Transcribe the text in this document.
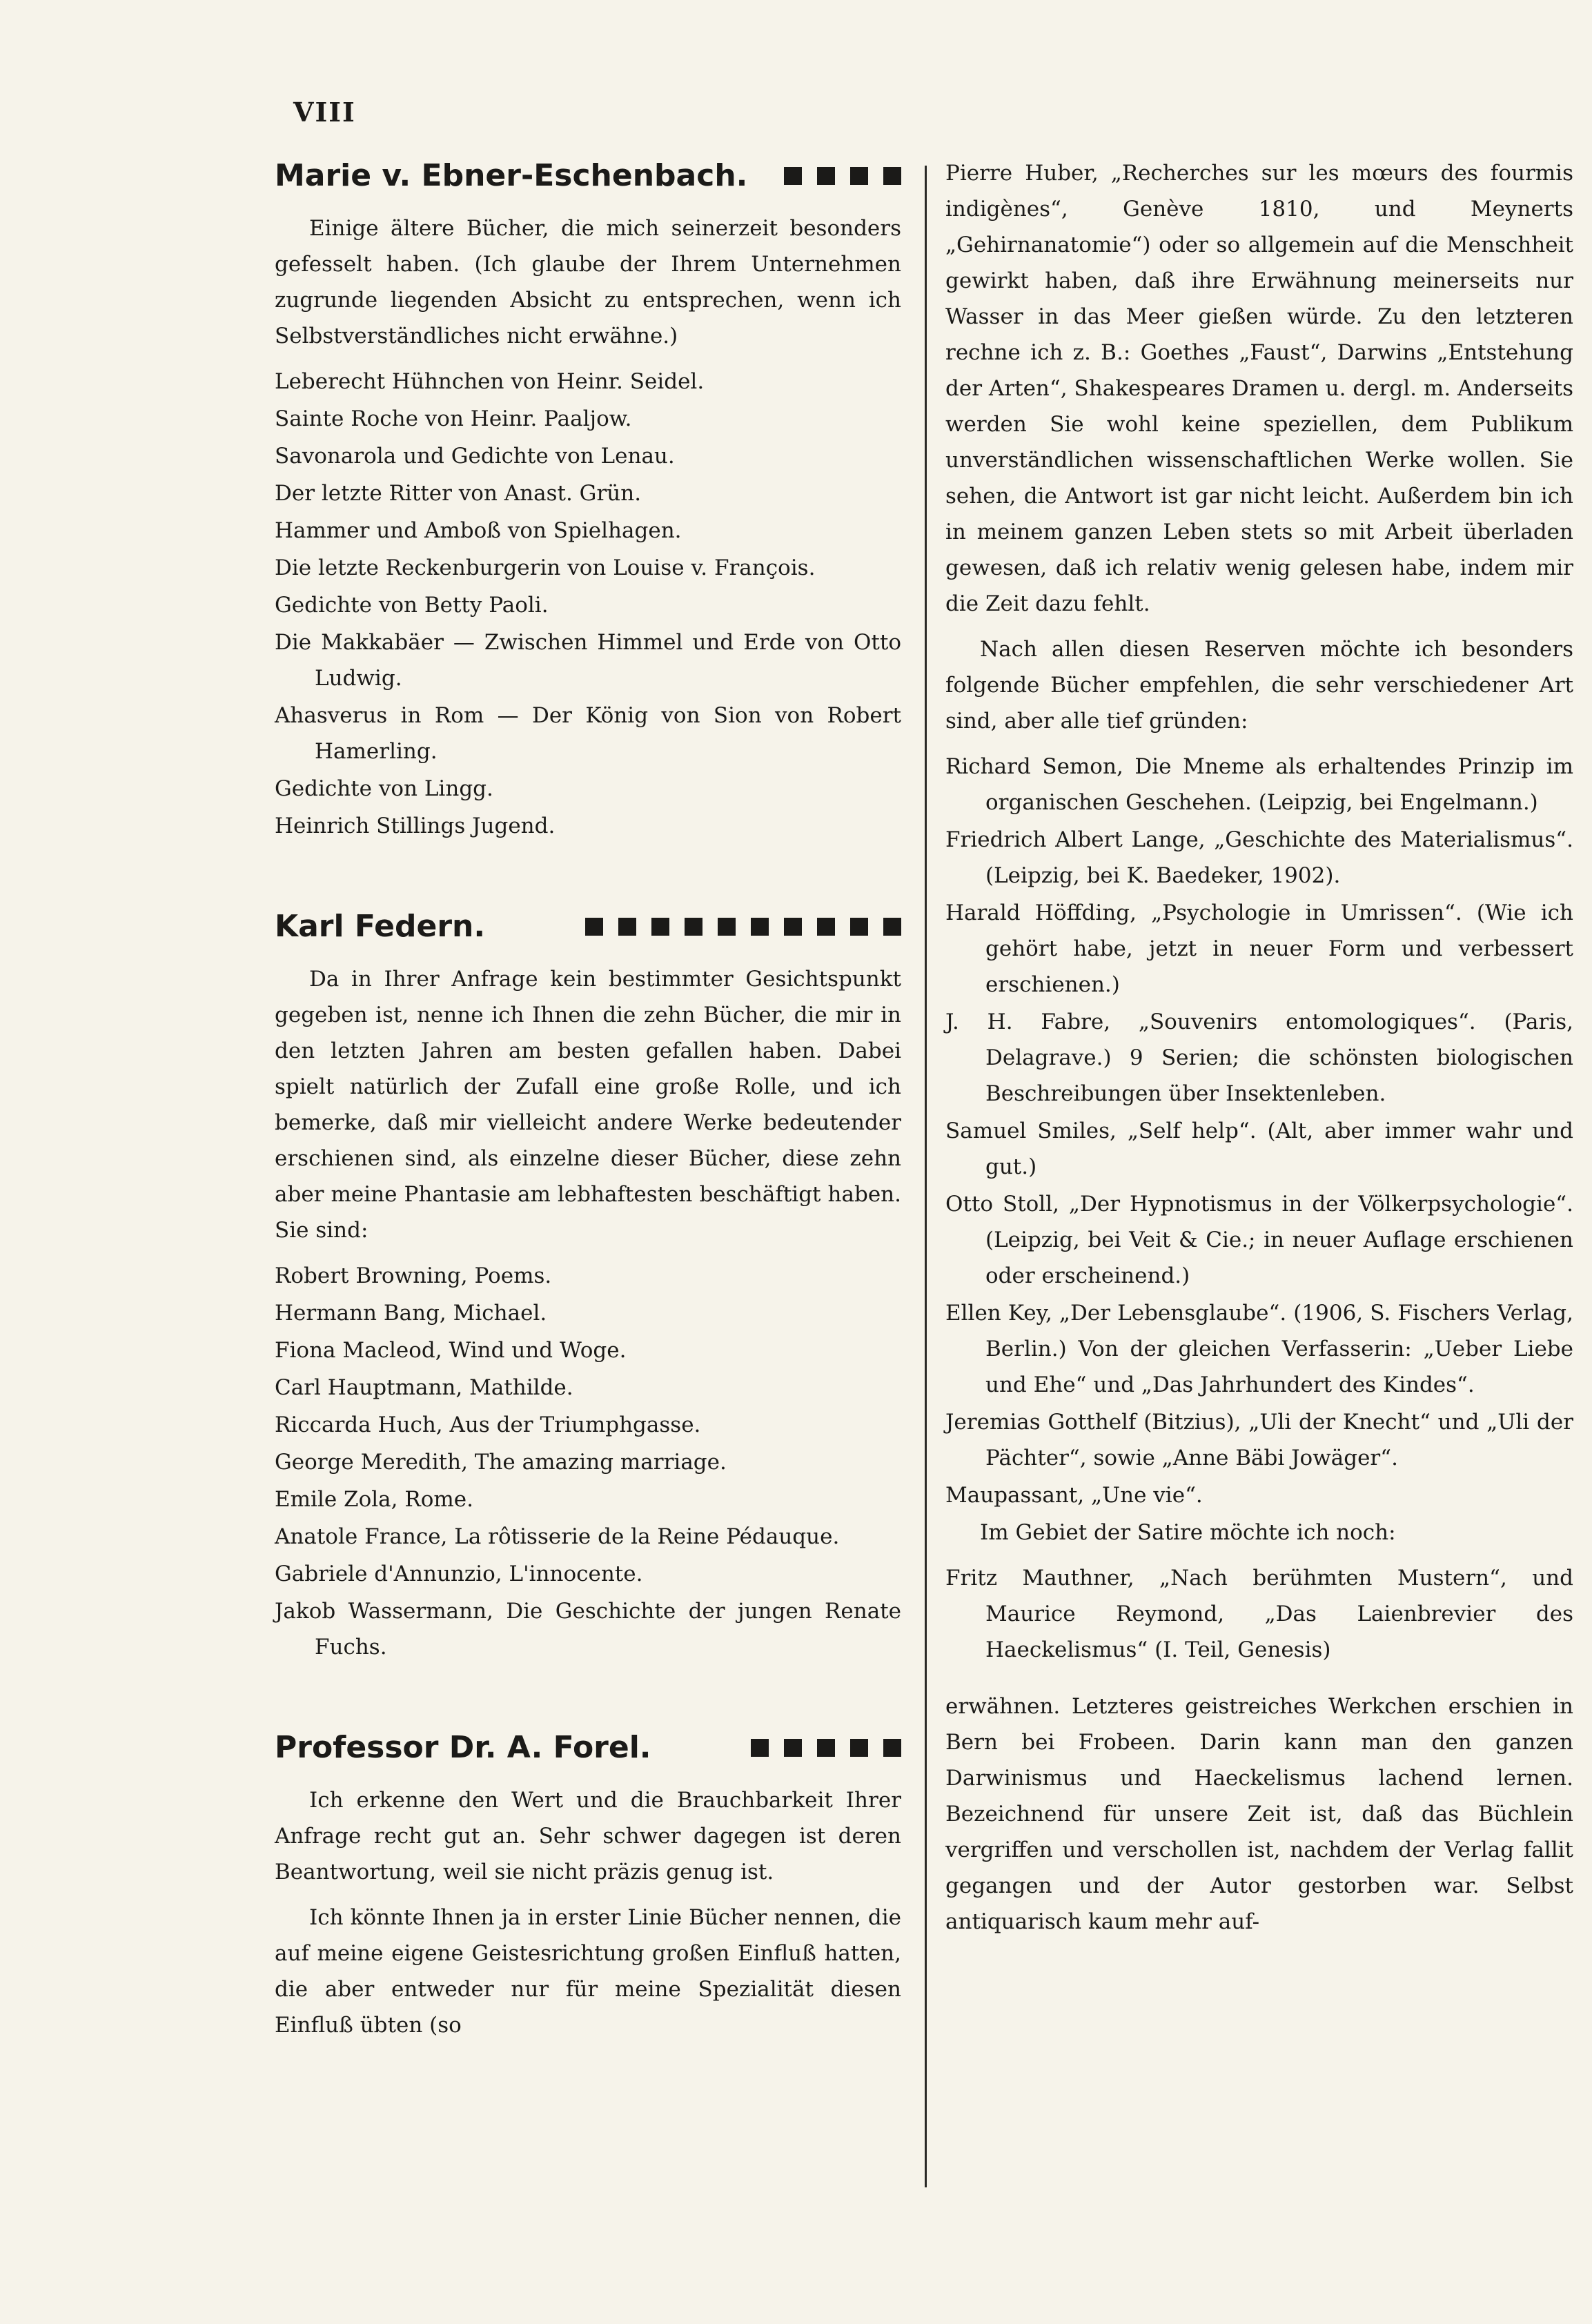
VIII
Marie v. Ebner-Eschenbach.

Einige ältere Bücher, die mich seinerzeit besonders gefesselt haben. (Ich glaube der Ihrem Unternehmen zugrunde liegenden Absicht zu entsprechen, wenn ich Selbstverständliches nicht erwähne.)

Leberecht Hühnchen von Heinr. Seidel.

Sainte Roche von Heinr. Paaljow.

Savonarola und Gedichte von Lenau.

Der letzte Ritter von Anast. Grün.

Hammer und Amboß von Spielhagen.

Die letzte Reckenburgerin von Louise v. François.

Gedichte von Betty Paoli.

Die Makkabäer — Zwischen Himmel und Erde von Otto Ludwig.

Ahasverus in Rom — Der König von Sion von Robert Hamerling.

Gedichte von Lingg.

Heinrich Stillings Jugend.

Karl Federn.

Da in Ihrer Anfrage kein bestimmter Gesichtspunkt gegeben ist, nenne ich Ihnen die zehn Bücher, die mir in den letzten Jahren am besten gefallen haben. Dabei spielt natürlich der Zufall eine große Rolle, und ich bemerke, daß mir vielleicht andere Werke bedeutender erschienen sind, als einzelne dieser Bücher, diese zehn aber meine Phantasie am lebhaftesten beschäftigt haben. Sie sind:

Robert Browning, Poems.

Hermann Bang, Michael.

Fiona Macleod, Wind und Woge.

Carl Hauptmann, Mathilde.

Riccarda Huch, Aus der Triumphgasse.

George Meredith, The amazing marriage.

Emile Zola, Rome.

Anatole France, La rôtisserie de la Reine Pédauque.

Gabriele d'Annunzio, L'innocente.

Jakob Wassermann, Die Geschichte der jungen Renate Fuchs.

Professor Dr. A. Forel.

Ich erkenne den Wert und die Brauchbarkeit Ihrer Anfrage recht gut an. Sehr schwer dagegen ist deren Beantwortung, weil sie nicht präzis genug ist.

Ich könnte Ihnen ja in erster Linie Bücher nennen, die auf meine eigene Geistesrichtung großen Einfluß hatten, die aber entweder nur für meine Spezialität diesen Einfluß übten (so

Pierre Huber, „Recherches sur les mœurs des fourmis indigènes“, Genève 1810, und Meynerts „Gehirnanatomie“) oder so allgemein auf die Menschheit gewirkt haben, daß ihre Erwähnung meinerseits nur Wasser in das Meer gießen würde. Zu den letzteren rechne ich z. B.: Goethes „Faust“, Darwins „Entstehung der Arten“, Shakespeares Dramen u. dergl. m. Anderseits werden Sie wohl keine speziellen, dem Publikum unverständlichen wissenschaftlichen Werke wollen. Sie sehen, die Antwort ist gar nicht leicht. Außerdem bin ich in meinem ganzen Leben stets so mit Arbeit überladen gewesen, daß ich relativ wenig gelesen habe, indem mir die Zeit dazu fehlt.

Nach allen diesen Reserven möchte ich besonders folgende Bücher empfehlen, die sehr verschiedener Art sind, aber alle tief gründen:

Richard Semon, Die Mneme als erhaltendes Prinzip im organischen Geschehen. (Leipzig, bei Engelmann.)

Friedrich Albert Lange, „Geschichte des Materialismus“. (Leipzig, bei K. Baedeker, 1902).

Harald Höffding, „Psychologie in Umrissen“. (Wie ich gehört habe, jetzt in neuer Form und verbessert erschienen.)

J. H. Fabre, „Souvenirs entomologiques“. (Paris, Delagrave.) 9 Serien; die schönsten biologischen Beschreibungen über Insektenleben.

Samuel Smiles, „Self help“. (Alt, aber immer wahr und gut.)

Otto Stoll, „Der Hypnotismus in der Völkerpsychologie“. (Leipzig, bei Veit & Cie.; in neuer Auflage erschienen oder erscheinend.)

Ellen Key, „Der Lebensglaube“. (1906, S. Fischers Verlag, Berlin.) Von der gleichen Verfasserin: „Ueber Liebe und Ehe“ und „Das Jahrhundert des Kindes“.

Jeremias Gotthelf (Bitzius), „Uli der Knecht“ und „Uli der Pächter“, sowie „Anne Bäbi Jowäger“.

Maupassant, „Une vie“.

Im Gebiet der Satire möchte ich noch:

Fritz Mauthner, „Nach berühmten Mustern“, und Maurice Reymond, „Das Laienbrevier des Haeckelismus“ (I. Teil, Genesis)

erwähnen. Letzteres geistreiches Werkchen erschien in Bern bei Frobeen. Darin kann man den ganzen Darwinismus und Haeckelismus lachend lernen. Bezeichnend für unsere Zeit ist, daß das Büchlein vergriffen und verschollen ist, nachdem der Verlag fallit gegangen und der Autor gestorben war. Selbst antiquarisch kaum mehr auf-
